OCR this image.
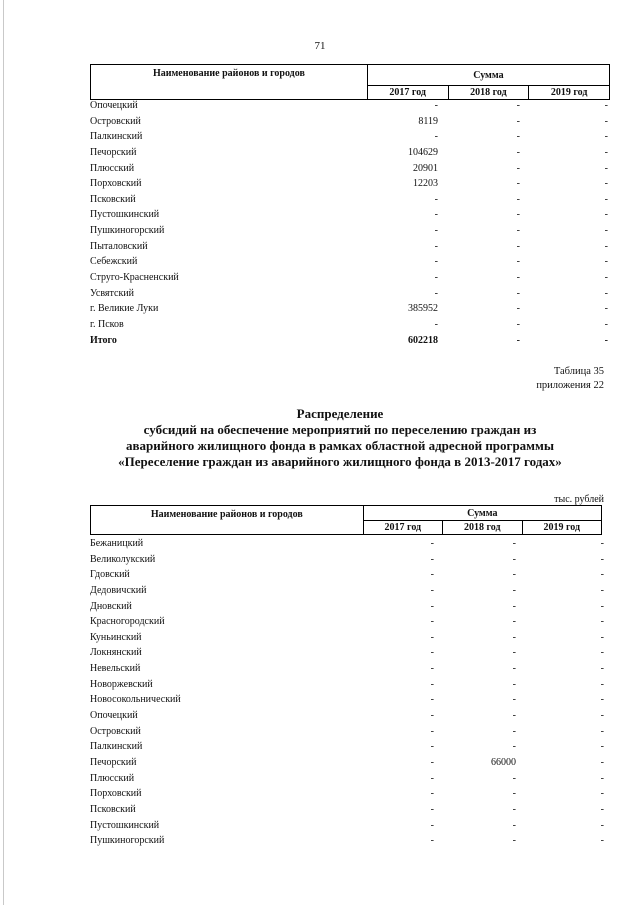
71
Наименование районов и городов	Сумма		
	2017 год	2018 год	2019 год
Опочецкий	-	-	-
Островский	8119	-	-
Палкинский	-	-	-
Печорский	104629	-	-
Плюсский	20901	-	-
Порховский	12203	-	-
Псковский	-	-	-
Пустошкинский	-	-	-
Пушкиногорский	-	-	-
Пыталовский	-	-	-
Себежский	-	-	-
Струго-Красненский	-	-	-
Усвятский	-	-	-
г. Великие Луки	385952	-	-
г. Псков	-	-	-
Итого	602218	-	-
Таблица 35
приложения 22
Распределение
субсидий на обеспечение мероприятий по переселению граждан из
аварийного жилищного фонда в рамках областной адресной программы
«Переселение граждан из аварийного жилищного фонда в 2013-2017 годах»
тыс. рублей
Наименование районов и городов	Сумма		
	2017 год	2018 год	2019 год
Бежаницкий	-	-	-
Великолукский	-	-	-
Гдовский	-	-	-
Дедовичский	-	-	-
Дновский	-	-	-
Красногородский	-	-	-
Куньинский	-	-	-
Локнянский	-	-	-
Невельский	-	-	-
Новоржевский	-	-	-
Новосокольнический	-	-	-
Опочецкий	-	-	-
Островский	-	-	-
Палкинский	-	-	-
Печорский	-	66000	-
Плюсский	-	-	-
Порховский	-	-	-
Псковский	-	-	-
Пустошкинский	-	-	-
Пушкиногорский	-	-	-
